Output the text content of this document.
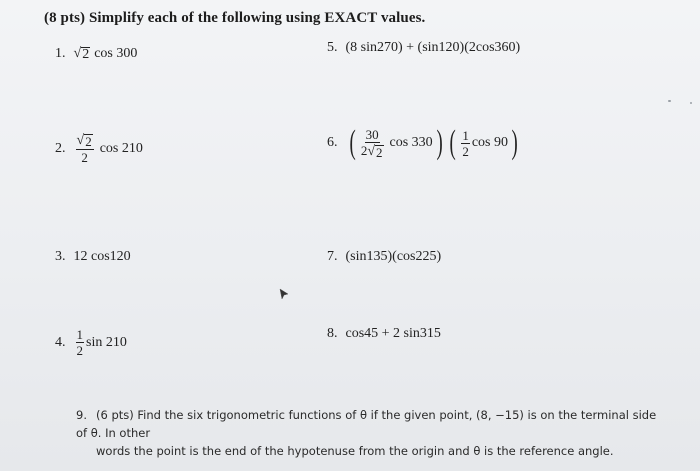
(8 pts) Simplify each of the following using EXACT values.
1. √ 2 cos 300
2. $\frac{√ 2}{2}$ cos 210
3. 12 cos120
4. $\frac{1}{2}$ sin 210
5. (8 sin270) + (sin120)(2cos360)
6. ( $\frac{30}{2 √ 2}$ cos 330 ) ( $\frac{1}{2}$ cos 90 )
7. (sin135)(cos225)
8. cos45 + 2 sin315
9. (6 pts) Find the six trigonometric functions of θ if the given point, (8, −15) is on the terminal side of θ. In other
words the point is the end of the hypotenuse from the origin and θ is the reference angle.
